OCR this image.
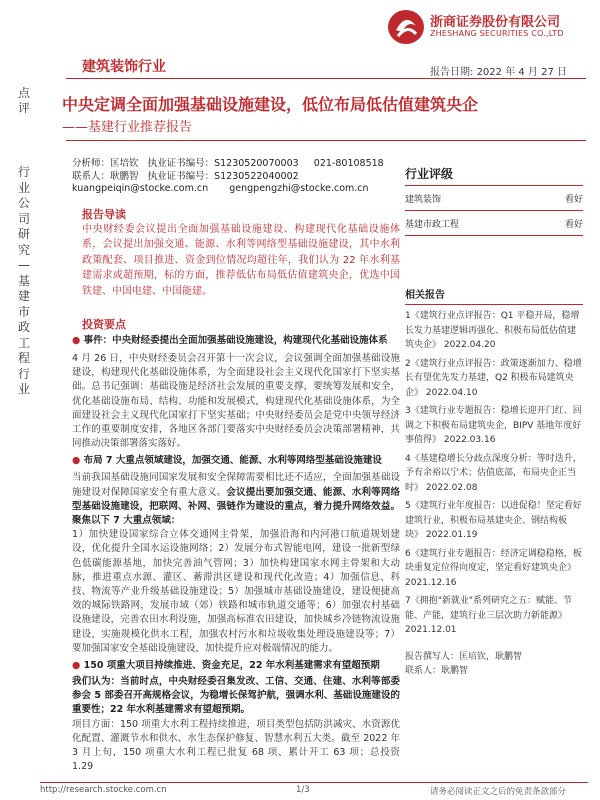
浙商证券股份有限公司
ZHESHANG SECURITIES CO.,LTD
建筑装饰行业	报告日期: 2022 年 4 月 27 日
点评
行业公司研究—基建市政工程行业
中央定调全面加强基础设施建设，低位布局低估值建筑央企
——基建行业推荐报告
分析师：匡培钦 执业证书编号：S1230520070003 021-80108518
联系人：耿鹏智 执业证书编号：S1230522040002
kuangpeiqin@stocke.com.cn gengpengzhi@stocke.com.cn
报告导读
中央财经委会议提出全面加强基础设施建设、构建现代化基础设施体系，会议提出加强交通、能源、水利等网络型基础设施建设，其中水利政策配套、项目推进、资金到位情况均超往年，我们认为 22 年水利基建需求或超预期，标的方面，推荐低估布局低估值建筑央企，优选中国铁建、中国电建、中国能建。
投资要点
● 事件：中央财经委提出全面加强基础设施建设，构建现代化基础设施体系
4 月 26 日，中央财经委员会召开第十一次会议，会议强调全面加强基础设施建设，构建现代化基础设施体系，为全面建设社会主义现代化国家打下坚实基础。总书记强调：基础设施是经济社会发展的重要支撑，要统筹发展和安全，优化基础设施布局、结构、功能和发展模式，构建现代化基础设施体系，为全面建设社会主义现代化国家打下坚实基础；中央财经委员会是党中央领导经济工作的重要制度安排，各地区各部门要落实中央财经委员会决策部署精神，共同推动决策部署落实落好。
● 布局 7 大重点领域建设，加强交通、能源、水利等网络型基础设施建设
当前我国基础设施同国家发展和安全保障需要相比还不适应，全面加强基础设施建设对保障国家安全有重大意义。会议提出要加强交通、能源、水利等网络型基础设施建设，把联网、补网、强链作为建设的重点，着力提升网络效益。聚焦以下 7 大重点领域：
1）加快建设国家综合立体交通网主骨架，加强沿海和内河港口航道规划建设，优化提升全国水运设施网络；2）发展分布式智能电网，建设一批新型绿色低碳能源基地，加快完善油气管网；3）加快构建国家水网主骨架和大动脉，推进重点水源、灌区、蓄滞洪区建设和现代化改造；4）加强信息、科技、物流等产业升级基础设施建设；5）加强城市基础设施建设，建设便捷高效的城际铁路网，发展市域（郊）铁路和城市轨道交通等；6）加强农村基础设施建设，完善农田水利设施，加强高标准农田建设，加快城乡冷链物流设施建设，实施规模化供水工程，加强农村污水和垃圾收集处理设施建设等；7）要加强国家安全基础设施建设，加快提升应对极端情况的能力。
● 150 项重大项目持续推进、资金充足，22 年水利基建需求有望超预期
我们认为：当前时点，中央财经委召集发改、工信、交通、住建、水利等部委参会 5 部委召开高规格会议，为稳增长保驾护航，强调水利、基础设施建设的重要性；22 年水利基建需求有望超预期。
项目方面：150 项重大水利工程持续推进，项目类型包括防洪减灾、水资源优化配置、灌溉节水和供水、水生态保护修复、智慧水利五大类。截至 2022 年 3 月上旬，150 项重大水利工程已批复 68 项、累计开工 63 项；总投资 1.29
行业评级
建筑装饰	看好
基建市政工程	看好
相关报告
1《建筑行业点评报告：Q1 平稳开局，稳增长发力基建逻辑再强化、积极布局低估值建筑央企》 2022.04.20
2《建筑行业点评报告：政策逐渐加力、稳增长有望优先发力基建，Q2 积极布局建筑央企》 2022.04.10
3《建筑行业专题报告：稳增长迎开门红、回调之下积极布局建筑央企，BIPV 基地年度好事值得》 2022.03.16
4《基建稳增长分歧点深度分析：等时迭升，予有余裕以宁术；估值底部，布局央企正当时》 2022.02.08
5《建筑行业年度报告：以进促稳！坚定看好建筑行业，积极布局基建央企、钢结构板块》 2022.01.19
6《建筑行业专题报告：经济定调稳稳格，板块重复定位得向度定，坚定看好建筑央企》 2021.12.16
7《拥抱"新就业"系列研究之五：赋能、节能、产能，建筑行业三层次助力新能源》 2021.12.01
报告撰写人：匡培钦，耿鹏智
联系人：耿鹏智
http://research.stocke.com.cn	1/3	请务必阅读正文之后的免责条款部分
